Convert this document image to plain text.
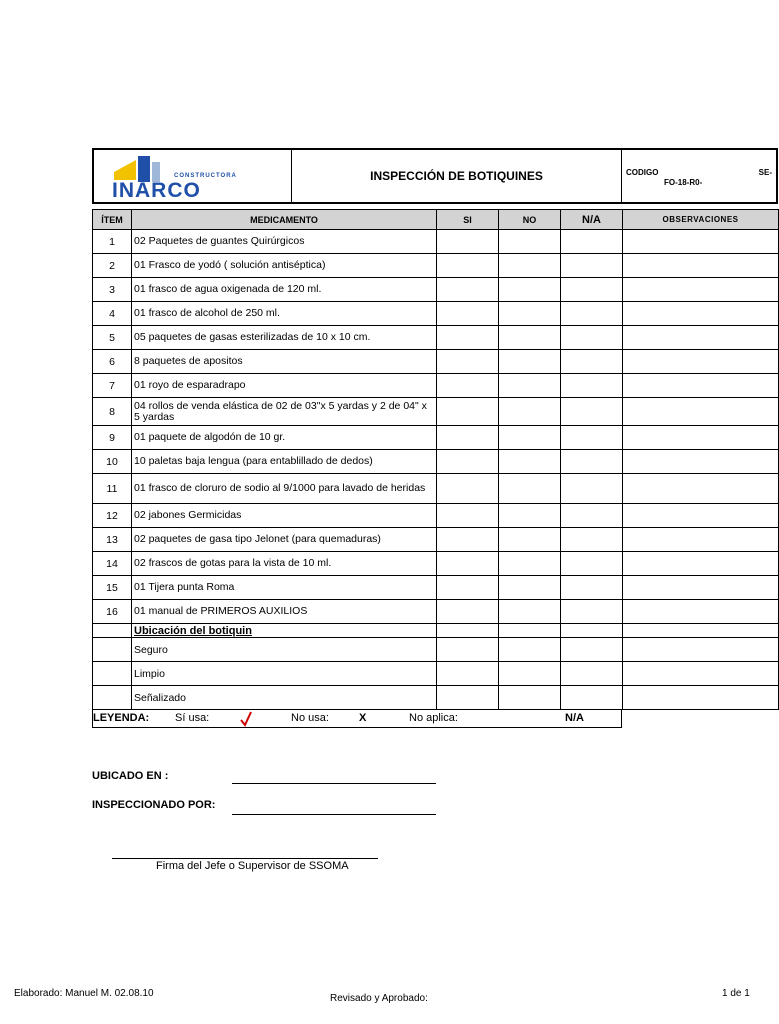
CONSTRUCTORA
INARCO
INSPECCIÓN DE BOTIQUINES	CODIGO	SE-
FO-18-R0-
ÍTEM	MEDICAMENTO	SI	NO	N/A	OBSERVACIONES
1	02 Paquetes de guantes Quirúrgicos				
2	01 Frasco de yodó ( solución antiséptica)				
3	01 frasco de agua oxigenada de 120 ml.				
4	01 frasco de alcohol de 250 ml.				
5	05 paquetes de gasas esterilizadas de 10 x 10 cm.				
6	8 paquetes de apositos				
7	01 royo de esparadrapo				
8	04 rollos de venda elástica de 02 de 03"x 5 yardas y 2 de 04" x 5 yardas				
9	01 paquete de algodón de 10 gr.				
10	10 paletas baja lengua (para entablillado de dedos)				
11	01 frasco de cloruro de sodio al 9/1000 para lavado de heridas				
12	02 jabones Germicidas				
13	02 paquetes de gasa tipo Jelonet (para quemaduras)				
14	02 frascos de gotas para la vista de 10 ml.				
15	01 Tijera punta Roma				
16	01 manual de PRIMEROS AUXILIOS				
	Ubicación del botiquin				
	Seguro				
	Limpio				
	Señalizado				
LEYENDA: Sí usa:	No usa:	X	No aplica:	N/A
UBICADO EN :
INSPECCIONADO POR:
Firma del Jefe o Supervisor de SSOMA
Elaborado: Manuel M. 02.08.10	Revisado y Aprobado:	1 de 1
